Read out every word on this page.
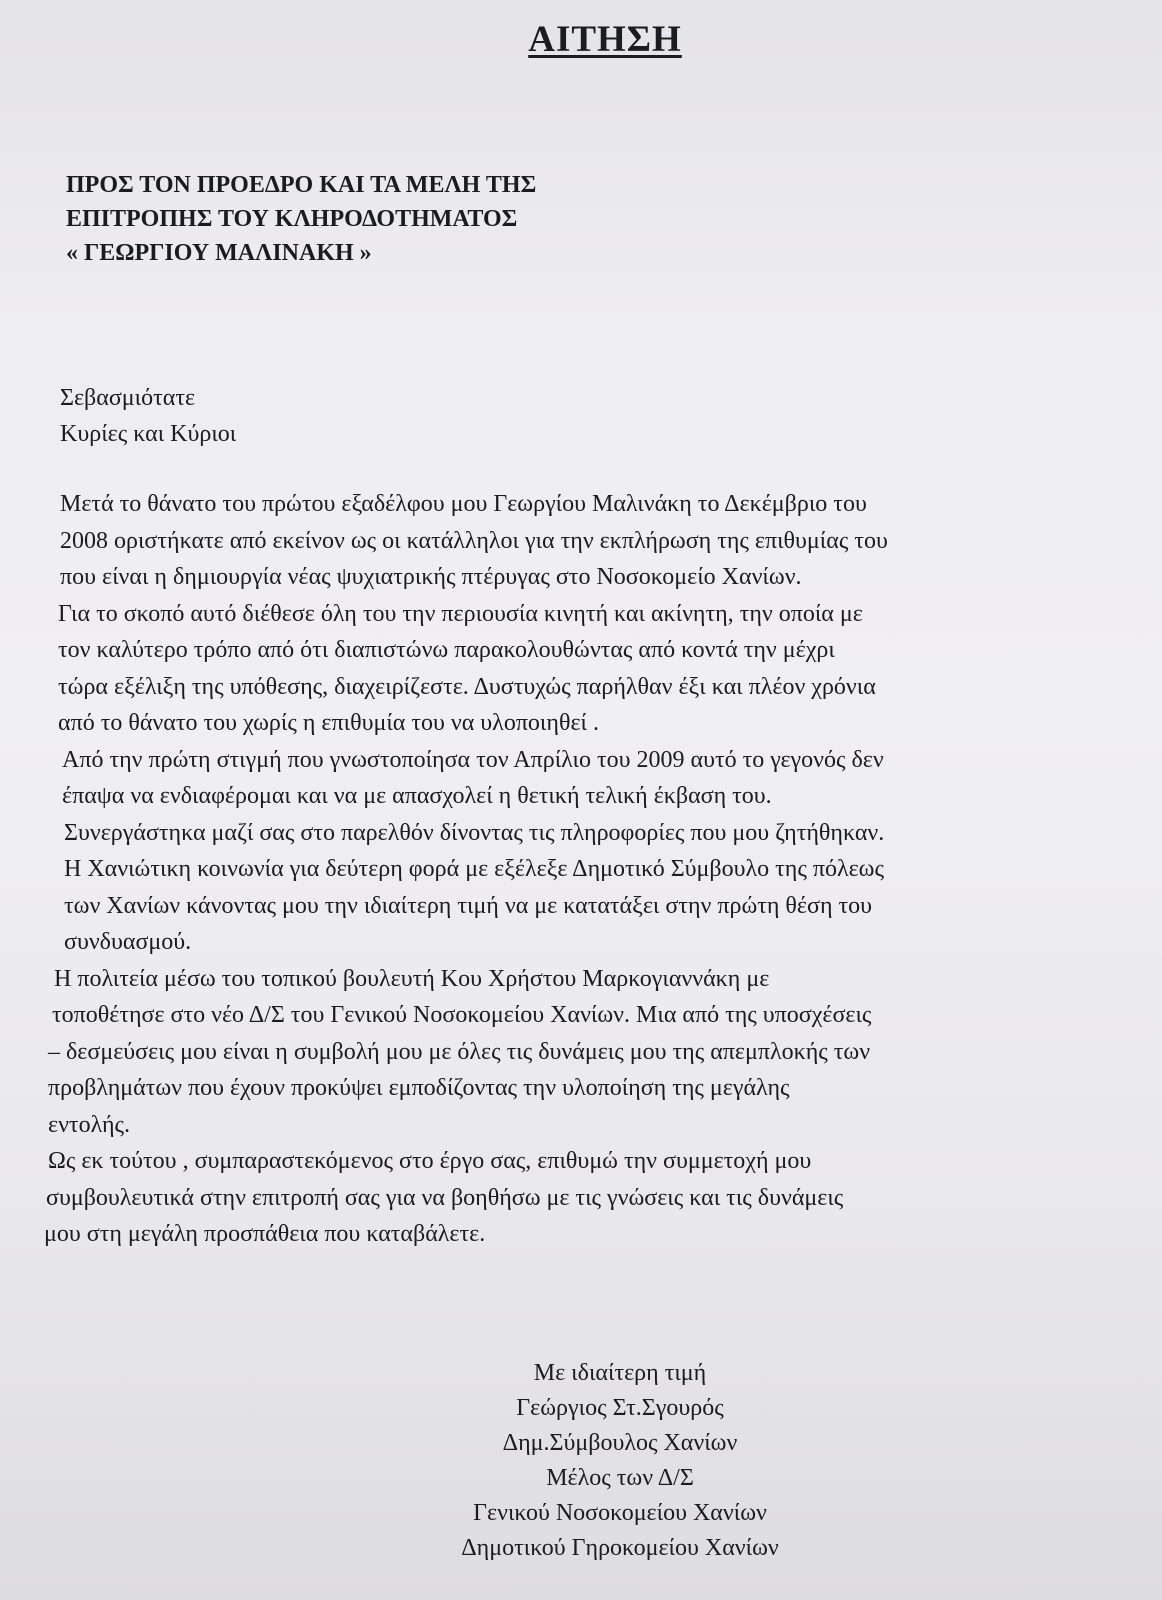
ΑΙΤΗΣΗ
ΠΡΟΣ ΤΟΝ ΠΡΟΕΔΡΟ ΚΑΙ ΤΑ ΜΕΛΗ ΤΗΣ
ΕΠΙΤΡΟΠΗΣ ΤΟΥ ΚΛΗΡΟΔΟΤΗΜΑΤΟΣ
« ΓΕΩΡΓΙΟΥ ΜΑΛΙΝΑΚΗ »
Σεβασμιότατε
Κυρίες και Κύριοι
Μετά το θάνατο του πρώτου εξαδέλφου μου Γεωργίου Μαλινάκη το Δεκέμβριο του
2008 οριστήκατε από εκείνον ως οι κατάλληλοι για την εκπλήρωση της επιθυμίας του
που είναι η δημιουργία νέας ψυχιατρικής πτέρυγας στο Νοσοκομείο Χανίων.
Για το σκοπό αυτό διέθεσε όλη του την περιουσία κινητή και ακίνητη, την οποία με
τον καλύτερο τρόπο από ότι διαπιστώνω παρακολουθώντας από κοντά την μέχρι
τώρα εξέλιξη της υπόθεσης, διαχειρίζεστε. Δυστυχώς παρήλθαν έξι και πλέον χρόνια
από το θάνατο του χωρίς η επιθυμία του να υλοποιηθεί .
Από την πρώτη στιγμή που γνωστοποίησα τον Απρίλιο του 2009 αυτό το γεγονός δεν
έπαψα να ενδιαφέρομαι και να με απασχολεί η θετική τελική έκβαση του.
Συνεργάστηκα μαζί σας στο παρελθόν δίνοντας τις πληροφορίες που μου ζητήθηκαν.
Η Χανιώτικη κοινωνία για δεύτερη φορά με εξέλεξε Δημοτικό Σύμβουλο της πόλεως
των Χανίων κάνοντας μου την ιδιαίτερη τιμή να με κατατάξει στην πρώτη θέση του
συνδυασμού.
Η πολιτεία μέσω του τοπικού βουλευτή Κου Χρήστου Μαρκογιαννάκη με
τοποθέτησε στο νέο Δ/Σ του Γενικού Νοσοκομείου Χανίων. Μια από της υποσχέσεις
– δεσμεύσεις μου είναι η συμβολή μου με όλες τις δυνάμεις μου της απεμπλοκής των
προβλημάτων που έχουν προκύψει εμποδίζοντας την υλοποίηση της μεγάλης
εντολής.
Ως εκ τούτου , συμπαραστεκόμενος στο έργο σας, επιθυμώ την συμμετοχή μου
συμβουλευτικά στην επιτροπή σας για να βοηθήσω με τις γνώσεις και τις δυνάμεις
μου στη μεγάλη προσπάθεια που καταβάλετε.
Με ιδιαίτερη τιμή
Γεώργιος Στ.Σγουρός
Δημ.Σύμβουλος Χανίων
Μέλος των Δ/Σ
Γενικού Νοσοκομείου Χανίων
Δημοτικού Γηροκομείου Χανίων
